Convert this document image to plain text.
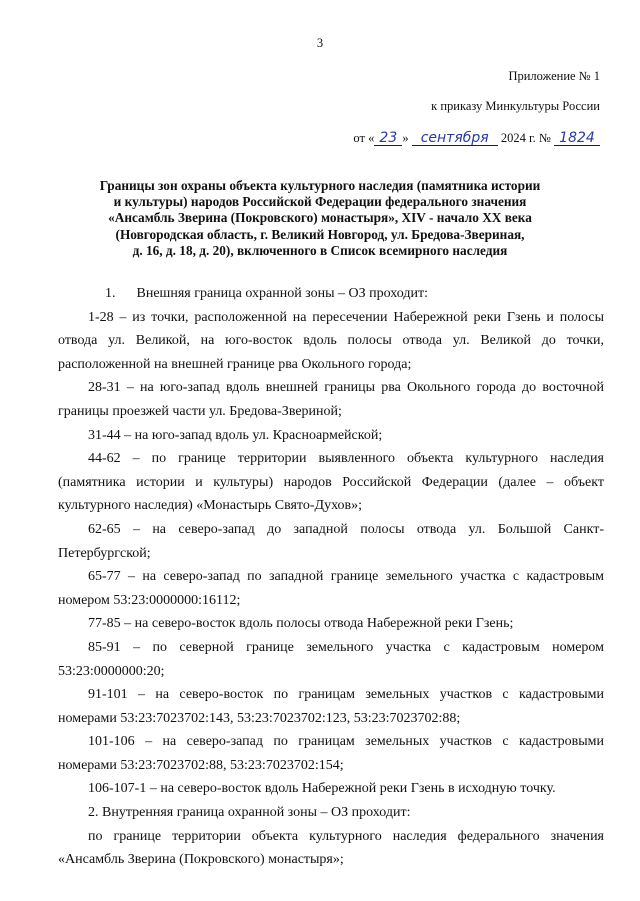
3
Приложение № 1
к приказу Минкультуры России
от « 23 » сентября 2024 г. № 1824
Границы зон охраны объекта культурного наследия (памятника истории
и культуры) народов Российской Федерации федерального значения
«Ансамбль Зверина (Покровского) монастыря», XIV - начало XX века
(Новгородская область, г. Великий Новгород, ул. Бредова-Звериная,
д. 16, д. 18, д. 20), включенного в Список всемирного наследия

1.      Внешняя граница охранной зоны – ОЗ проходит:

1-28 – из точки, расположенной на пересечении Набережной реки Гзень и полосы отвода ул. Великой, на юго-восток вдоль полосы отвода ул. Великой до точки, расположенной на внешней границе рва Окольного города;

28-31 – на юго-запад вдоль внешней границы рва Окольного города до восточной границы проезжей части ул. Бредова-Звериной;

31-44 – на юго-запад вдоль ул. Красноармейской;

44-62 – по границе территории выявленного объекта культурного наследия (памятника истории и культуры) народов Российской Федерации (далее – объект культурного наследия) «Монастырь Свято-Духов»;

62-65 – на северо-запад до западной полосы отвода ул. Большой Санкт-Петербургской;

65-77 – на северо-запад по западной границе земельного участка с кадастровым номером 53:23:0000000:16112;

77-85 – на северо-восток вдоль полосы отвода Набережной реки Гзень;

85-91 – по северной границе земельного участка с кадастровым номером 53:23:0000000:20;

91-101 – на северо-восток по границам земельных участков с кадастровыми номерами 53:23:7023702:143, 53:23:7023702:123, 53:23:7023702:88;

101-106 – на северо-запад по границам земельных участков с кадастровыми номерами 53:23:7023702:88, 53:23:7023702:154;

106-107-1 – на северо-восток вдоль Набережной реки Гзень в исходную точку.

2. Внутренняя граница охранной зоны – ОЗ проходит:

по границе территории объекта культурного наследия федерального значения «Ансамбль Зверина (Покровского) монастыря»;
